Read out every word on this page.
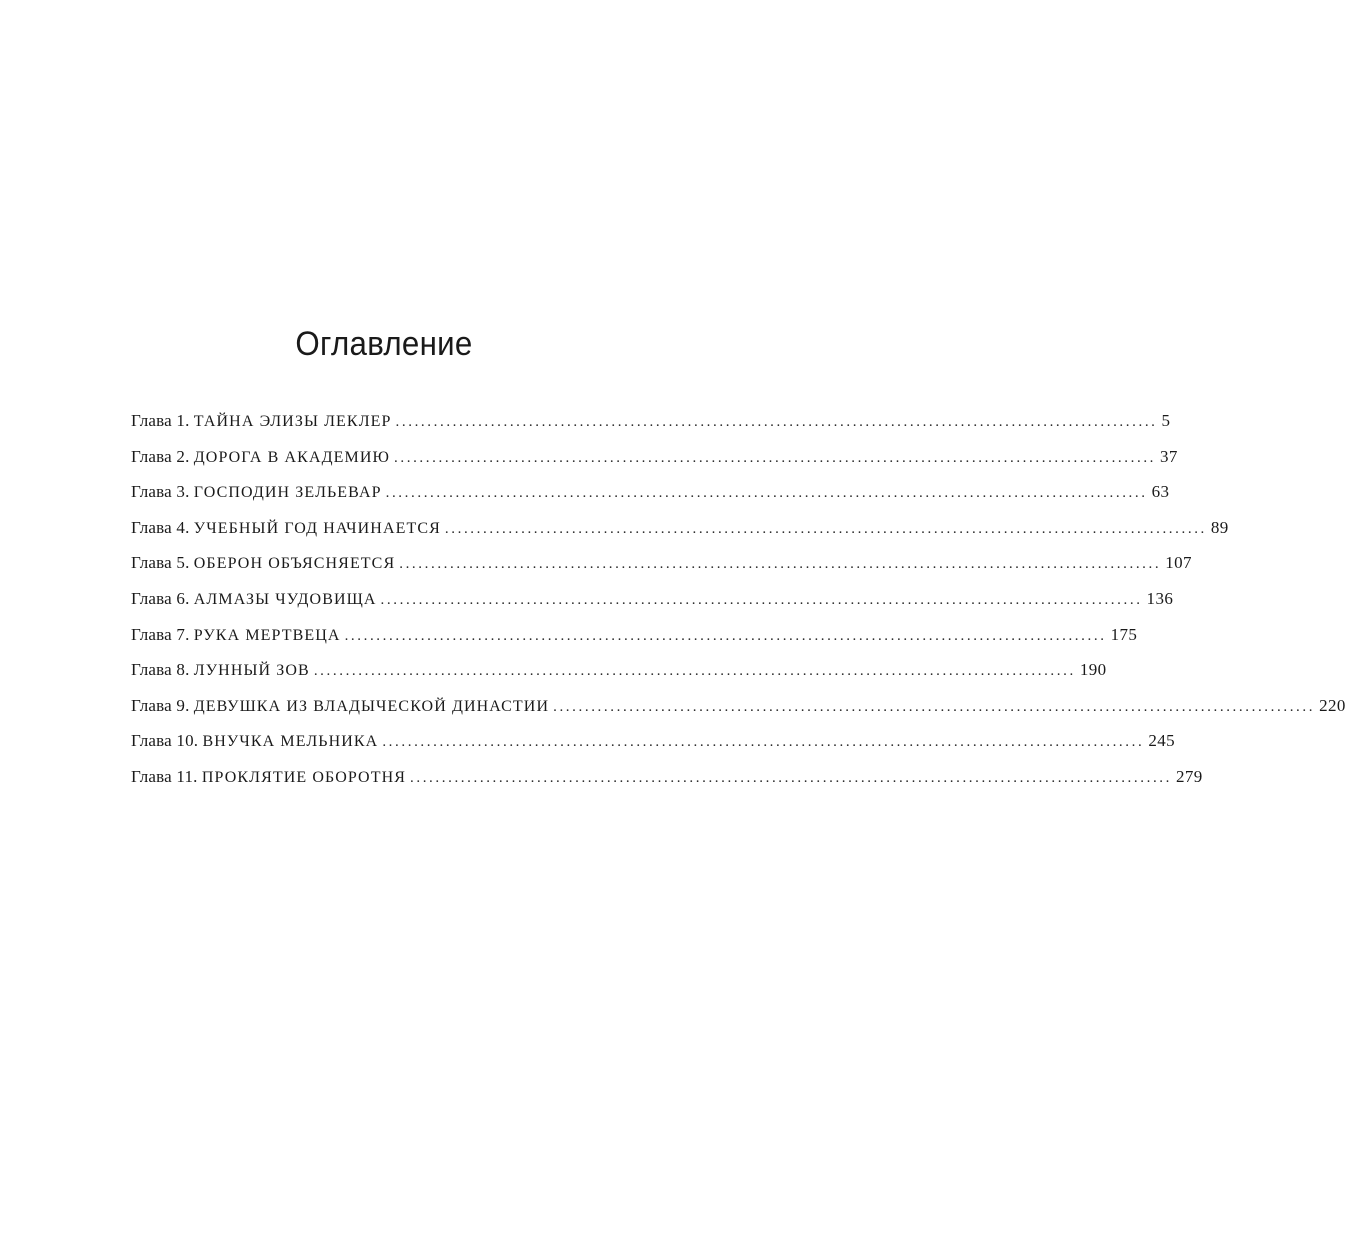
Оглавление
Глава 1. ТАЙНА ЭЛИЗЫ ЛЕКЛЕР ........................................................................................................................ 5
Глава 2. ДОРОГА В АКАДЕМИЮ ........................................................................................................................ 37
Глава 3. ГОСПОДИН ЗЕЛЬЕВАР ........................................................................................................................ 63
Глава 4. УЧЕБНЫЙ ГОД НАЧИНАЕТСЯ ........................................................................................................................ 89
Глава 5. ОБЕРОН ОБЪЯСНЯЕТСЯ ........................................................................................................................ 107
Глава 6. АЛМАЗЫ ЧУДОВИЩА ........................................................................................................................ 136
Глава 7. РУКА МЕРТВЕЦА ........................................................................................................................ 175
Глава 8. ЛУННЫЙ ЗОВ ........................................................................................................................ 190
Глава 9. ДЕВУШКА ИЗ ВЛАДЫЧЕСКОЙ ДИНАСТИИ ........................................................................................................................ 220
Глава 10. ВНУЧКА МЕЛЬНИКА ........................................................................................................................ 245
Глава 11. ПРОКЛЯТИЕ ОБОРОТНЯ ........................................................................................................................ 279
